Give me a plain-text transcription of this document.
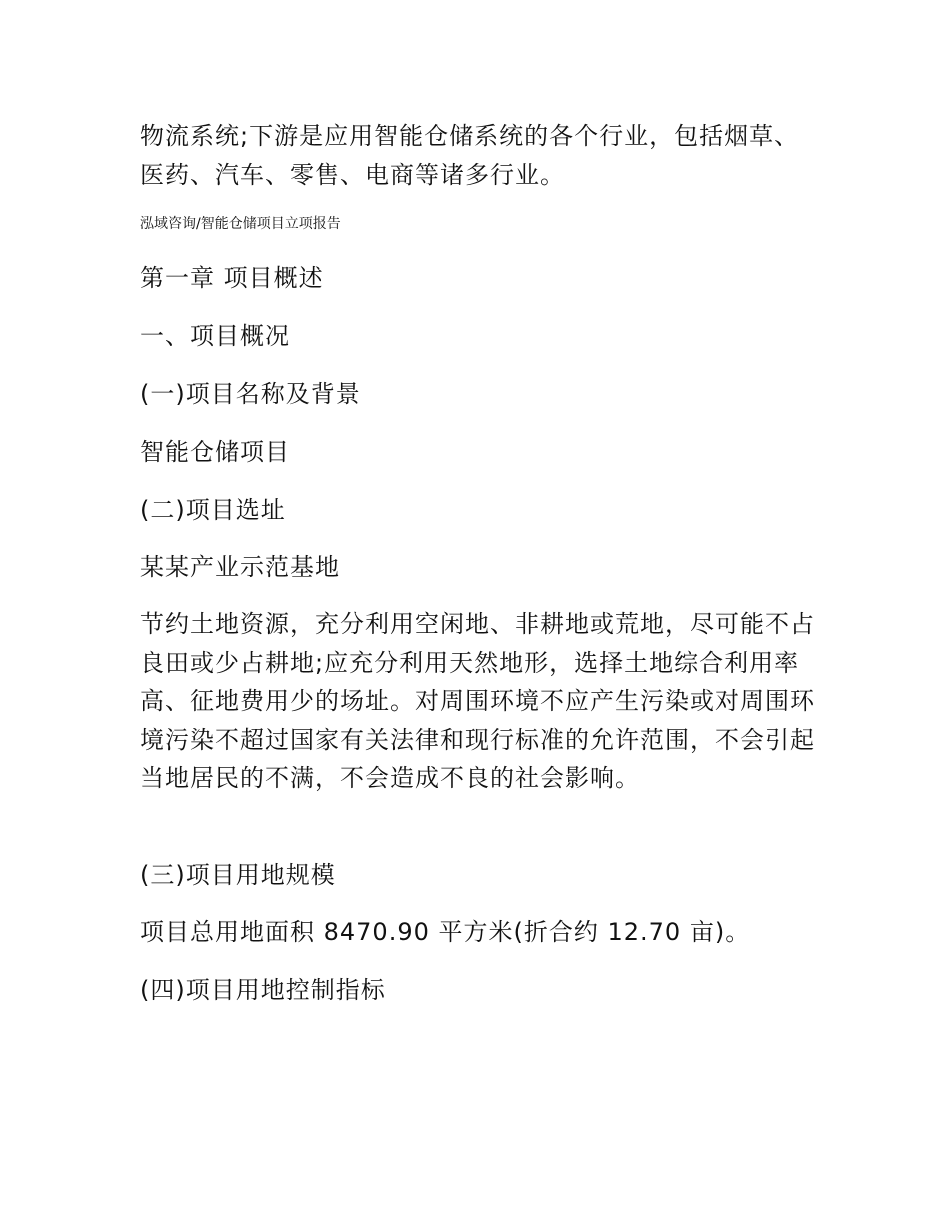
物流系统;下游是应用智能仓储系统的各个行业，包括烟草、医药、汽车、零售、电商等诸多行业。

泓域咨询/智能仓储项目立项报告
第一章 项目概述
一、项目概况
(一)项目名称及背景
智能仓储项目
(二)项目选址
某某产业示范基地

节约土地资源，充分利用空闲地、非耕地或荒地，尽可能不占良田或少占耕地;应充分利用天然地形，选择土地综合利用率高、征地费用少的场址。对周围环境不应产生污染或对周围环境污染不超过国家有关法律和现行标准的允许范围，不会引起当地居民的不满，不会造成不良的社会影响。

(三)项目用地规模
项目总用地面积 8470.90 平方米(折合约 12.70 亩)。
(四)项目用地控制指标
